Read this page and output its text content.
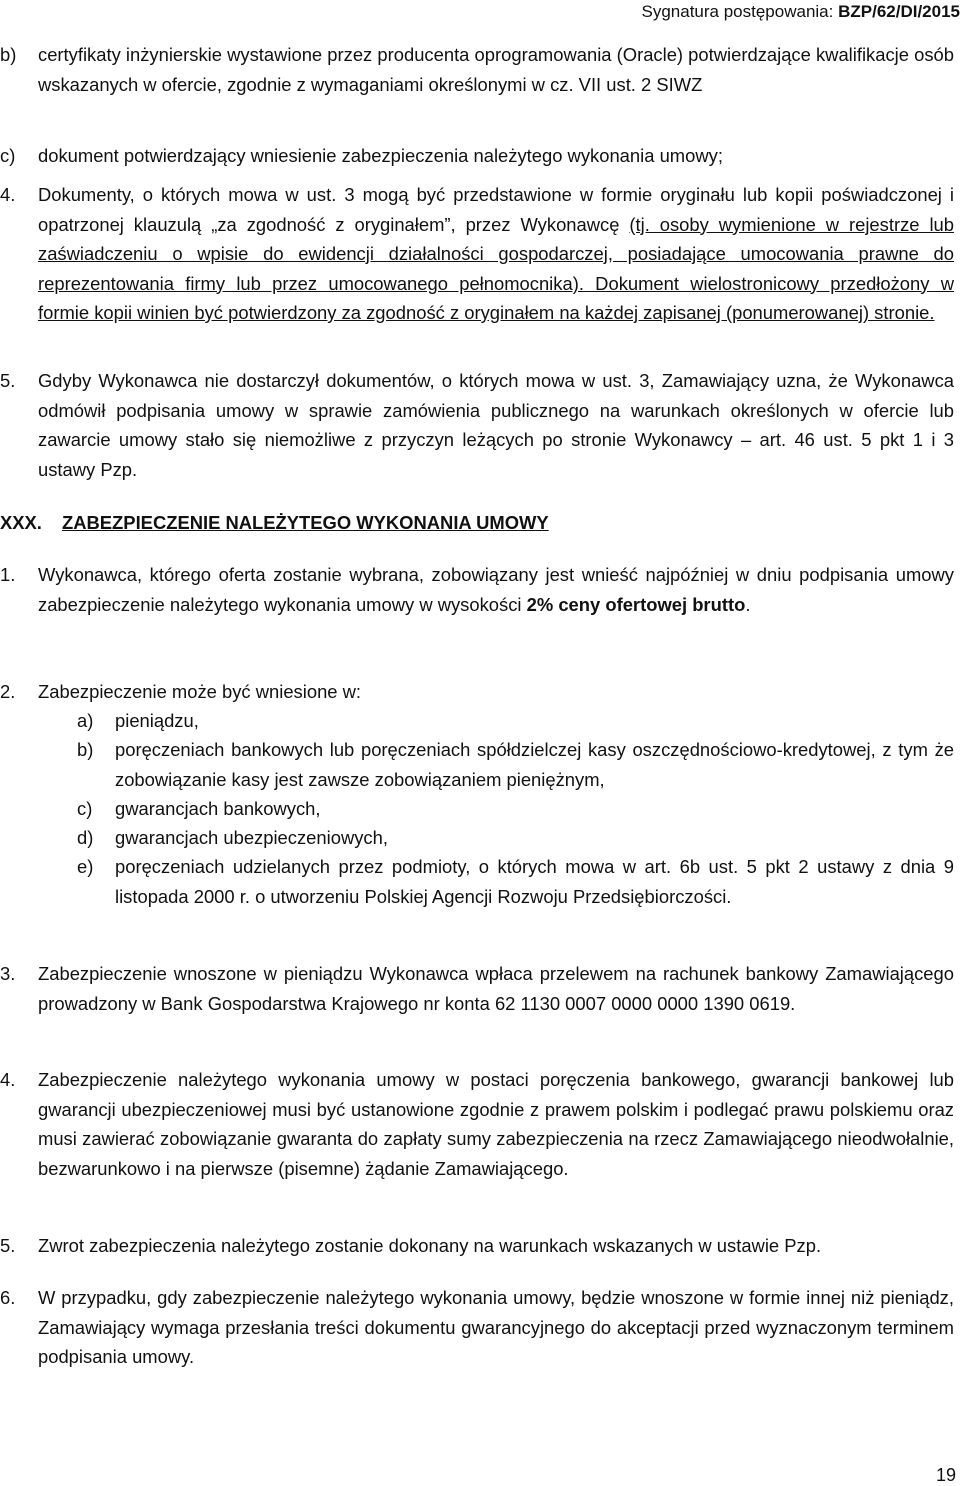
Sygnatura postępowania: BZP/62/DI/2015
b)	certyfikaty inżynierskie wystawione przez producenta oprogramowania (Oracle) potwierdzające kwalifikacje osób wskazanych w ofercie, zgodnie z wymaganiami określonymi w cz. VII ust. 2 SIWZ
c)	dokument potwierdzający wniesienie zabezpieczenia należytego wykonania umowy;
4.	Dokumenty, o których mowa w ust. 3 mogą być przedstawione w formie oryginału lub kopii poświadczonej i opatrzonej klauzulą „za zgodność z oryginałem”, przez Wykonawcę (tj. osoby wymienione w rejestrze lub zaświadczeniu o wpisie do ewidencji działalności gospodarczej, posiadające umocowania prawne do reprezentowania firmy lub przez umocowanego pełnomocnika). Dokument wielostronicowy przedłożony w formie kopii winien być potwierdzony za zgodność z oryginałem na każdej zapisanej (ponumerowanej) stronie.
5.	Gdyby Wykonawca nie dostarczył dokumentów, o których mowa w ust. 3, Zamawiający uzna, że Wykonawca odmówił podpisania umowy w sprawie zamówienia publicznego na warunkach określonych w ofercie lub zawarcie umowy stało się niemożliwe z przyczyn leżących po stronie Wykonawcy – art. 46 ust. 5 pkt 1 i 3 ustawy Pzp.
XXX. ZABEZPIECZENIE NALEŻYTEGO WYKONANIA UMOWY
1.	Wykonawca, którego oferta zostanie wybrana, zobowiązany jest wnieść najpóźniej w dniu podpisania umowy zabezpieczenie należytego wykonania umowy w wysokości 2% ceny ofertowej brutto.
2.	Zabezpieczenie może być wniesione w:
a)	pieniądzu,
b)	poręczeniach bankowych lub poręczeniach spółdzielczej kasy oszczędnościowo-kredytowej, z tym że zobowiązanie kasy jest zawsze zobowiązaniem pieniężnym,
c)	gwarancjach bankowych,
d)	gwarancjach ubezpieczeniowych,
e)	poręczeniach udzielanych przez podmioty, o których mowa w art. 6b ust. 5 pkt 2 ustawy z dnia 9 listopada 2000 r. o utworzeniu Polskiej Agencji Rozwoju Przedsiębiorczości.
3.	Zabezpieczenie wnoszone w pieniądzu Wykonawca wpłaca przelewem na rachunek bankowy Zamawiającego prowadzony w Bank Gospodarstwa Krajowego nr konta 62 1130 0007 0000 0000 1390 0619.
4.	Zabezpieczenie należytego wykonania umowy w postaci poręczenia bankowego, gwarancji bankowej lub gwarancji ubezpieczeniowej musi być ustanowione zgodnie z prawem polskim i podlegać prawu polskiemu oraz musi zawierać zobowiązanie gwaranta do zapłaty sumy zabezpieczenia na rzecz Zamawiającego nieodwołalnie, bezwarunkowo i na pierwsze (pisemne) żądanie Zamawiającego.
5.	Zwrot zabezpieczenia należytego zostanie dokonany na warunkach wskazanych w ustawie Pzp.
6.	W przypadku, gdy zabezpieczenie należytego wykonania umowy, będzie wnoszone w formie innej niż pieniądz, Zamawiający wymaga przesłania treści dokumentu gwarancyjnego do akceptacji przed wyznaczonym terminem podpisania umowy.
19
